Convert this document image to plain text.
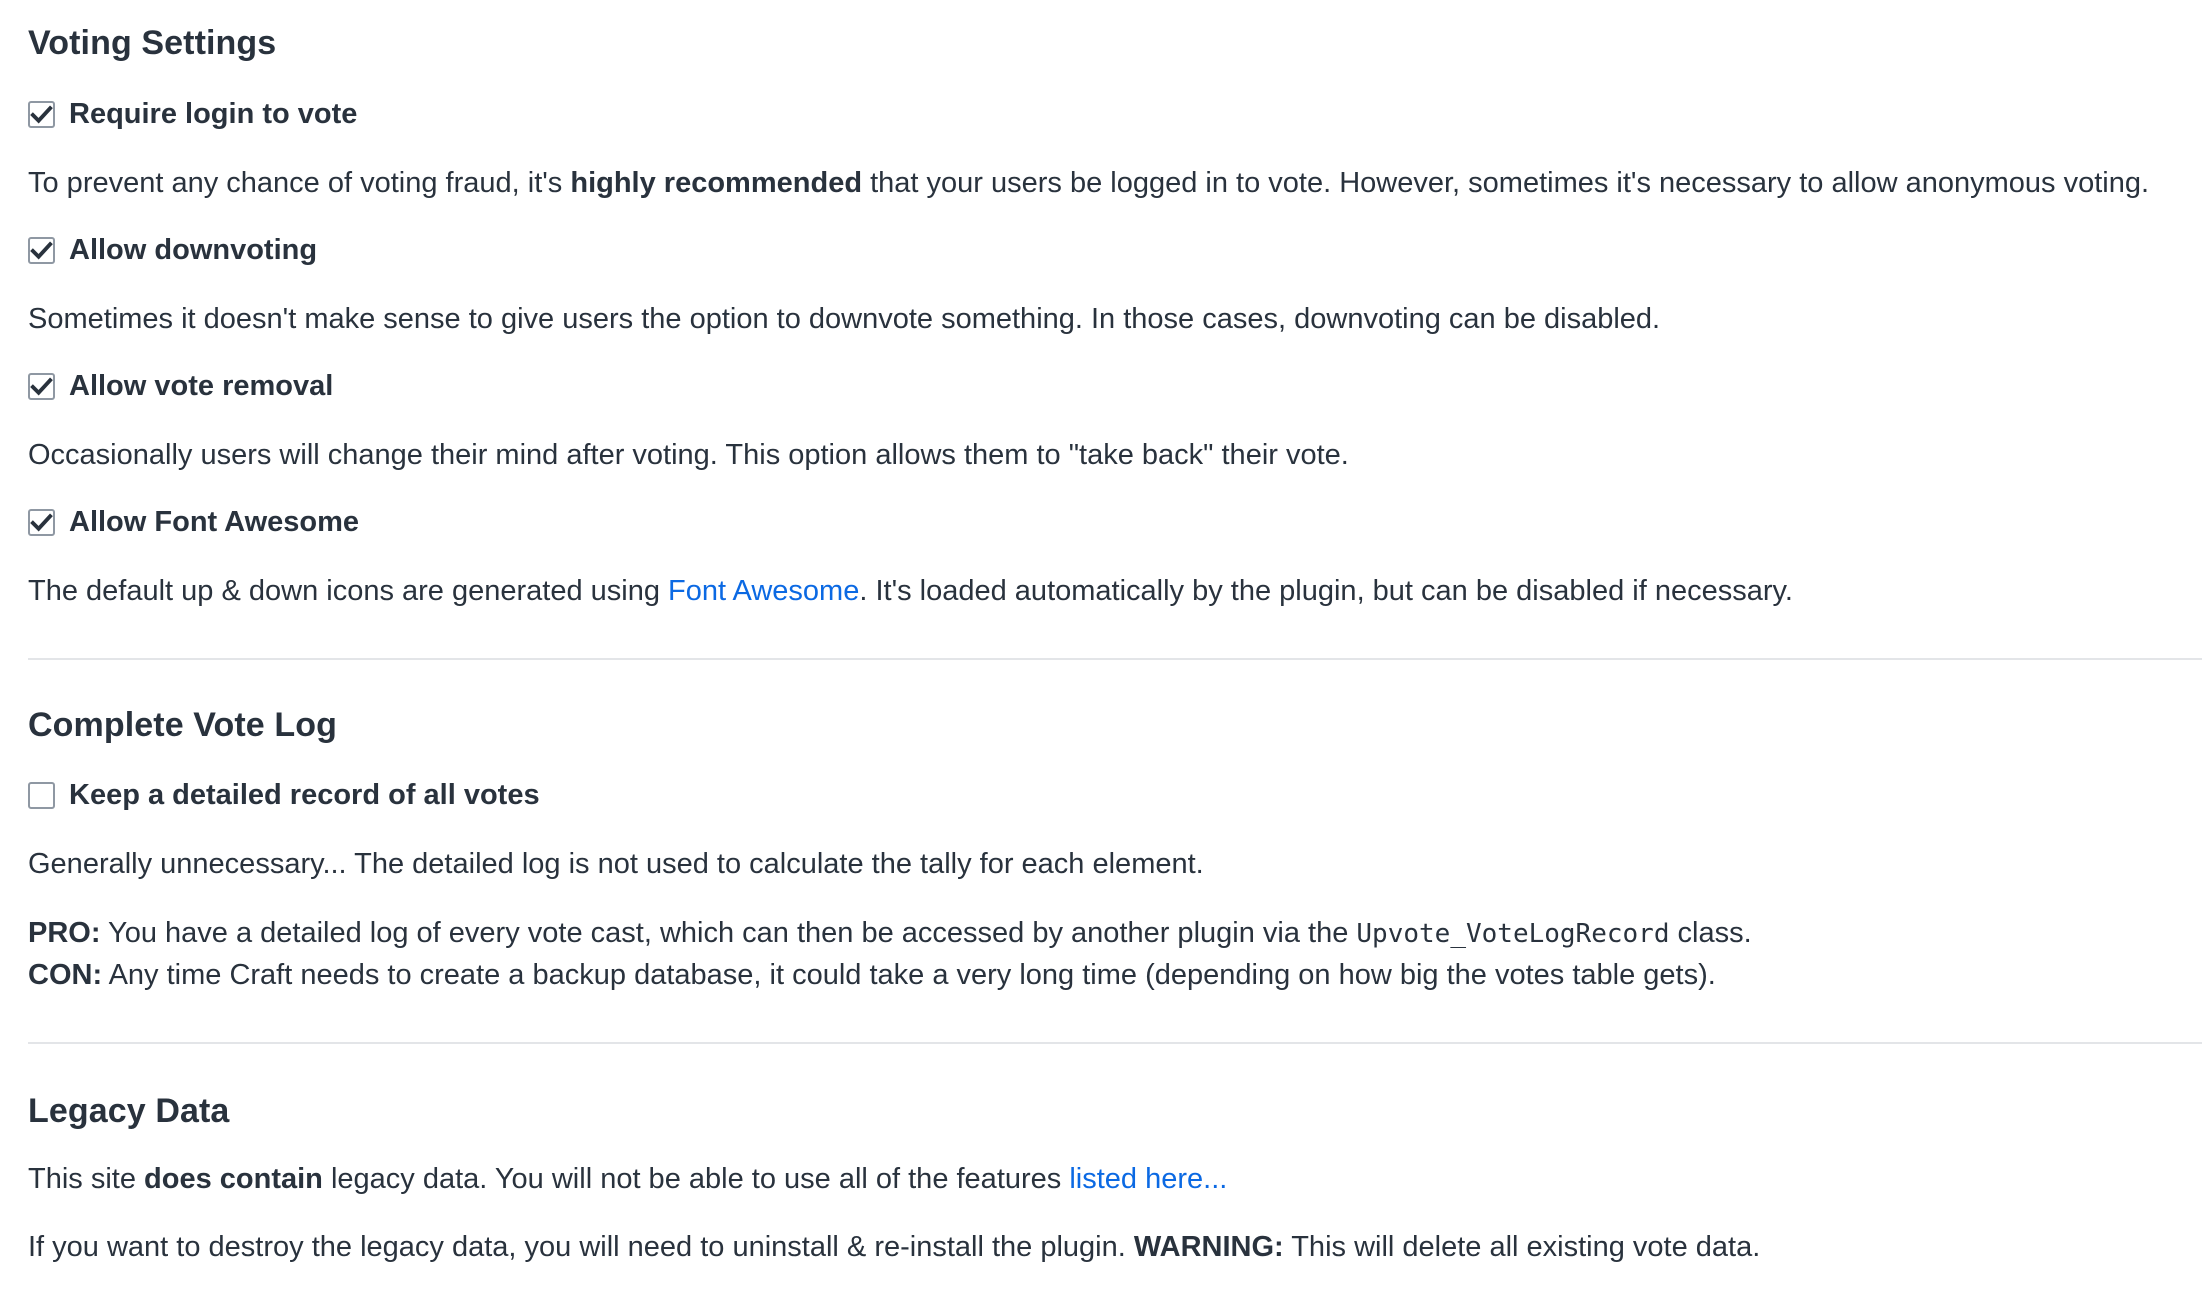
Voting Settings
Require login to vote

To prevent any chance of voting fraud, it's highly recommended that your users be logged in to vote. However, sometimes it's necessary to allow anonymous voting.

Allow downvoting

Sometimes it doesn't make sense to give users the option to downvote something. In those cases, downvoting can be disabled.

Allow vote removal

Occasionally users will change their mind after voting. This option allows them to "take back" their vote.

Allow Font Awesome

The default up & down icons are generated using Font Awesome. It's loaded automatically by the plugin, but can be disabled if necessary.

Complete Vote Log
Keep a detailed record of all votes

Generally unnecessary... The detailed log is not used to calculate the tally for each element.

PRO: You have a detailed log of every vote cast, which can then be accessed by another plugin via the Upvote_VoteLogRecord class.

CON: Any time Craft needs to create a backup database, it could take a very long time (depending on how big the votes table gets).

Legacy Data

This site does contain legacy data. You will not be able to use all of the features listed here...

If you want to destroy the legacy data, you will need to uninstall & re-install the plugin. WARNING: This will delete all existing vote data.
